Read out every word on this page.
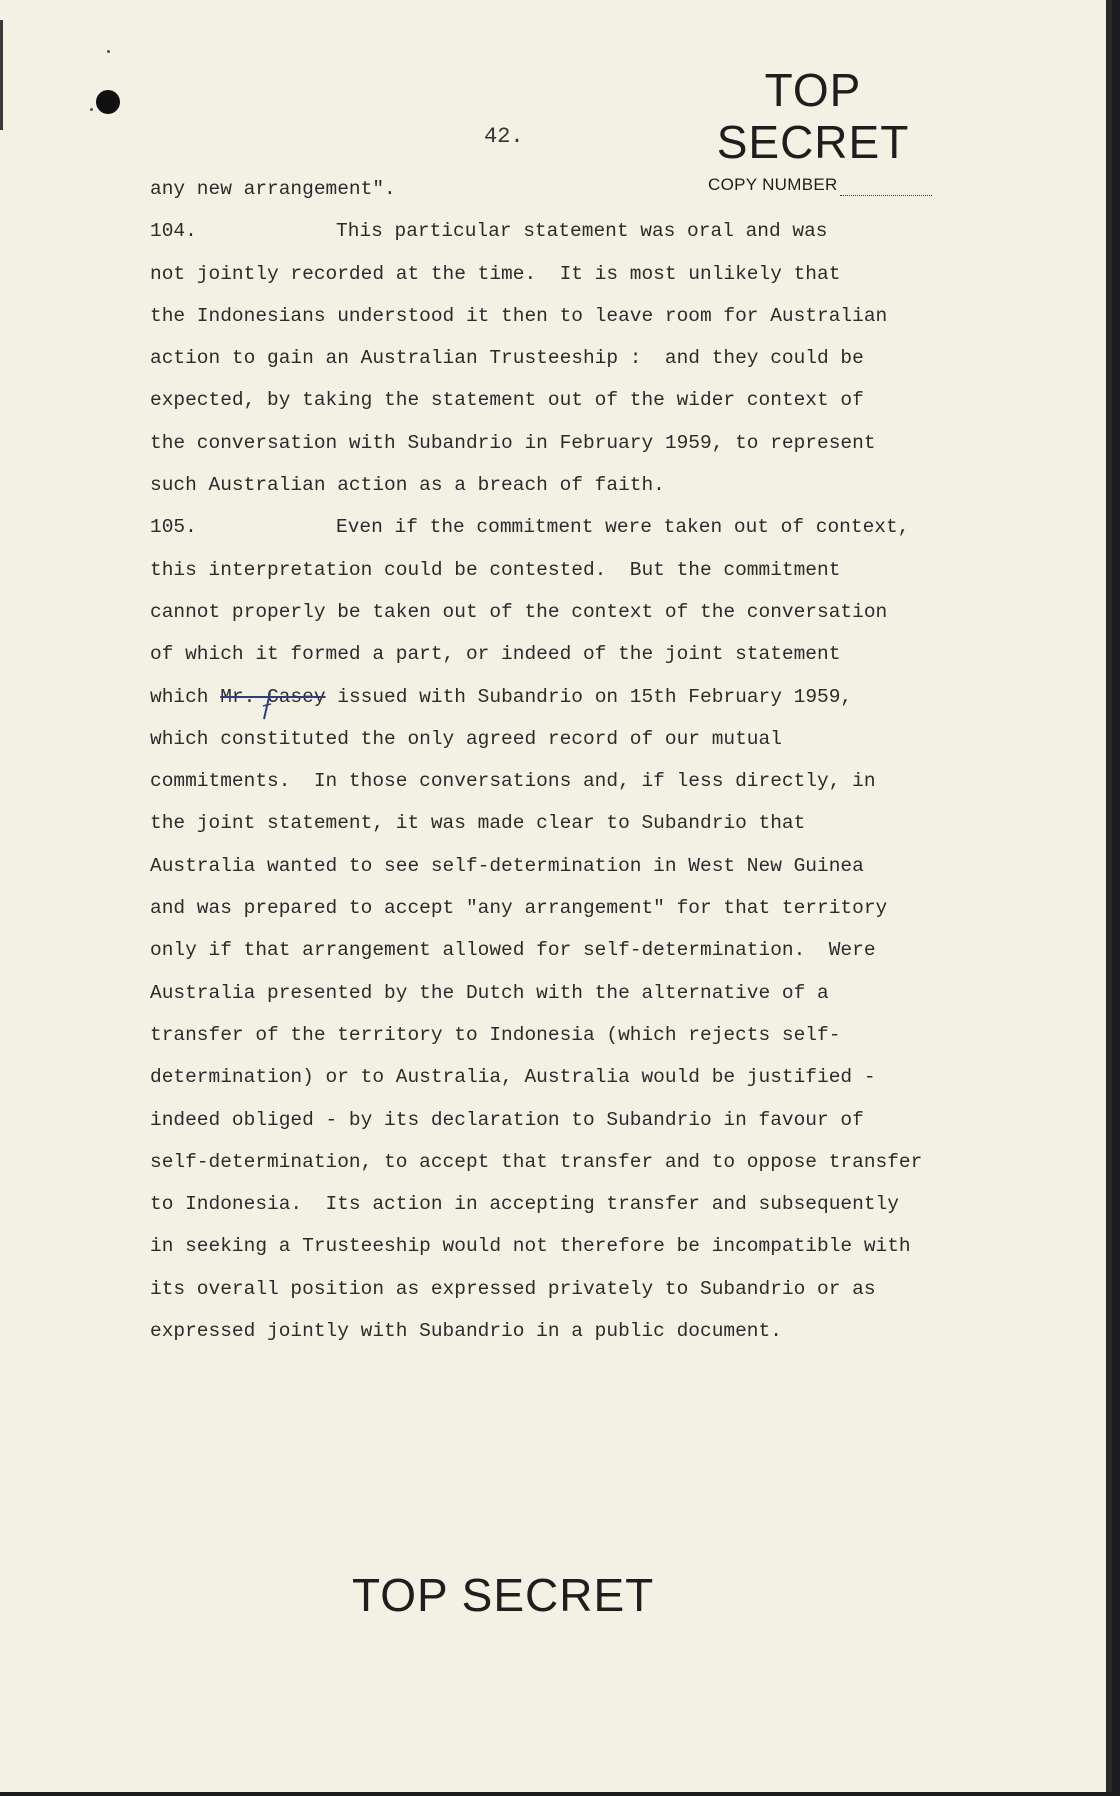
TOP SECRET
COPY NUMBER
42.
any new arrangement".
104.	This particular statement was oral and was
not jointly recorded at the time.  It is most unlikely that
the Indonesians understood it then to leave room for Australian
action to gain an Australian Trusteeship :  and they could be
expected, by taking the statement out of the wider context of
the conversation with Subandrio in February 1959, to represent
such Australian action as a breach of faith.
105.	Even if the commitment were taken out of context,
this interpretation could be contested.  But the commitment
cannot properly be taken out of the context of the conversation
of which it formed a part, or indeed of the joint statement
which Mr. Casey issued with Subandrio on 15th February 1959,
which constituted the only agreed record of our mutual
commitments.  In those conversations and, if less directly, in
the joint statement, it was made clear to Subandrio that
Australia wanted to see self-determination in West New Guinea
and was prepared to accept "any arrangement" for that territory
only if that arrangement allowed for self-determination.  Were
Australia presented by the Dutch with the alternative of a
transfer of the territory to Indonesia (which rejects self-
determination) or to Australia, Australia would be justified -
indeed obliged - by its declaration to Subandrio in favour of
self-determination, to accept that transfer and to oppose transfer
to Indonesia.  Its action in accepting transfer and subsequently
in seeking a Trusteeship would not therefore be incompatible with
its overall position as expressed privately to Subandrio or as
expressed jointly with Subandrio in a public document.
TOP SECRET
